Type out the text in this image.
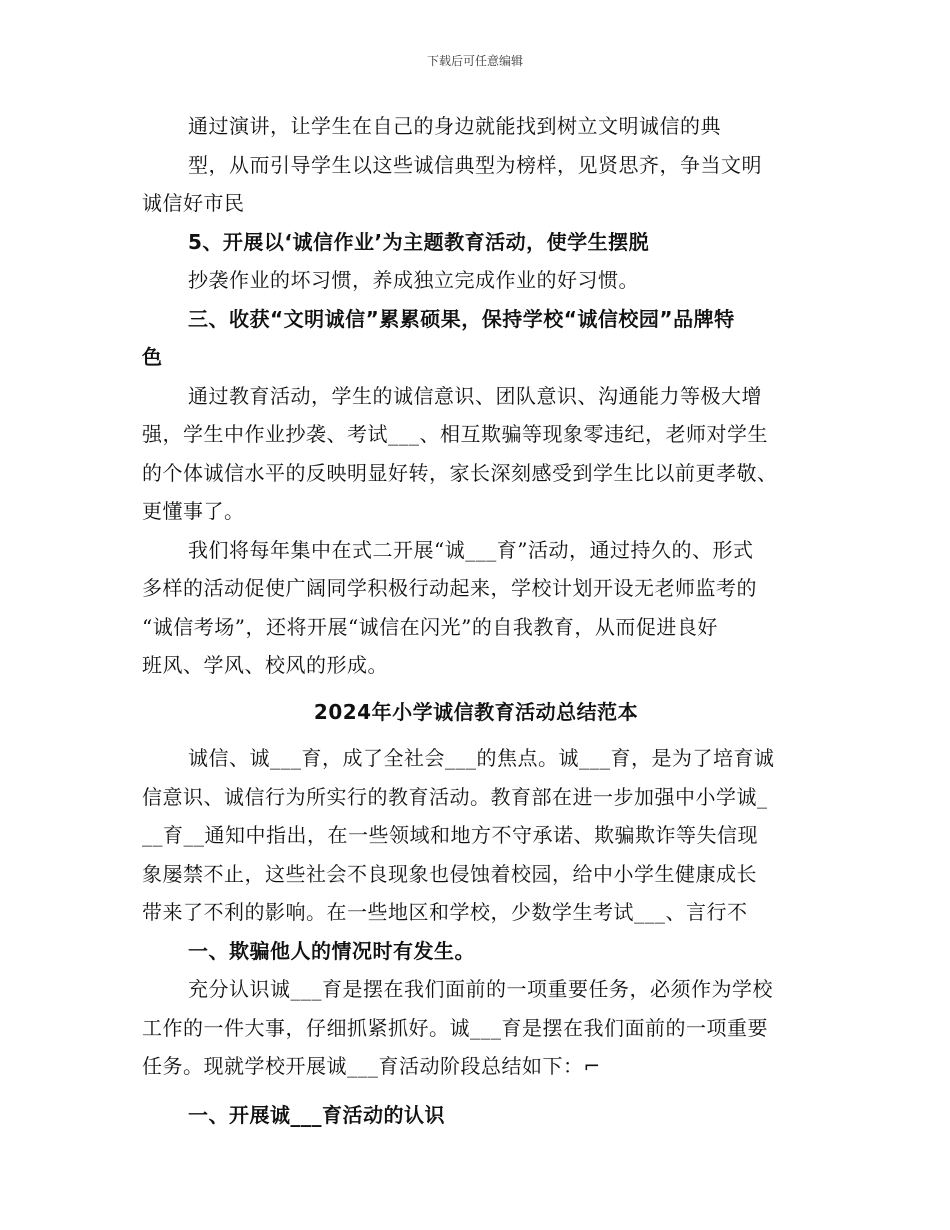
下载后可任意编辑
通过演讲，让学生在自己的身边就能找到树立文明诚信的典
型，从而引导学生以这些诚信典型为榜样，见贤思齐，争当文明
诚信好市民
5、开展以‘诚信作业’为主题教育活动，使学生摆脱
抄袭作业的坏习惯，养成独立完成作业的好习惯。
三、收获“文明诚信”累累硕果，保持学校“诚信校园”品牌特
色
通过教育活动，学生的诚信意识、团队意识、沟通能力等极大增
强，学生中作业抄袭、考试___、相互欺骗等现象零违纪，老师对学生
的个体诚信水平的反映明显好转，家长深刻感受到学生比以前更孝敬、
更懂事了。
我们将每年集中在式二开展“诚___育”活动，通过持久的、形式
多样的活动促使广阔同学积极行动起来，学校计划开设无老师监考的
“诚信考场”，还将开展“诚信在闪光”的自我教育，从而促进良好
班风、学风、校风的形成。
2024年小学诚信教育活动总结范本
诚信、诚___育，成了全社会___的焦点。诚___育，是为了培育诚
信意识、诚信行为所实行的教育活动。教育部在进一步加强中小学诚_
__育__通知中指出，在一些领域和地方不守承诺、欺骗欺诈等失信现
象屡禁不止，这些社会不良现象也侵蚀着校园，给中小学生健康成长
带来了不利的影响。在一些地区和学校，少数学生考试___、言行不
一、欺骗他人的情况时有发生。
充分认识诚___育是摆在我们面前的一项重要任务，必须作为学校
工作的一件大事，仔细抓紧抓好。诚___育是摆在我们面前的一项重要
任务。现就学校开展诚___育活动阶段总结如下：⌐
一、开展诚___育活动的认识
